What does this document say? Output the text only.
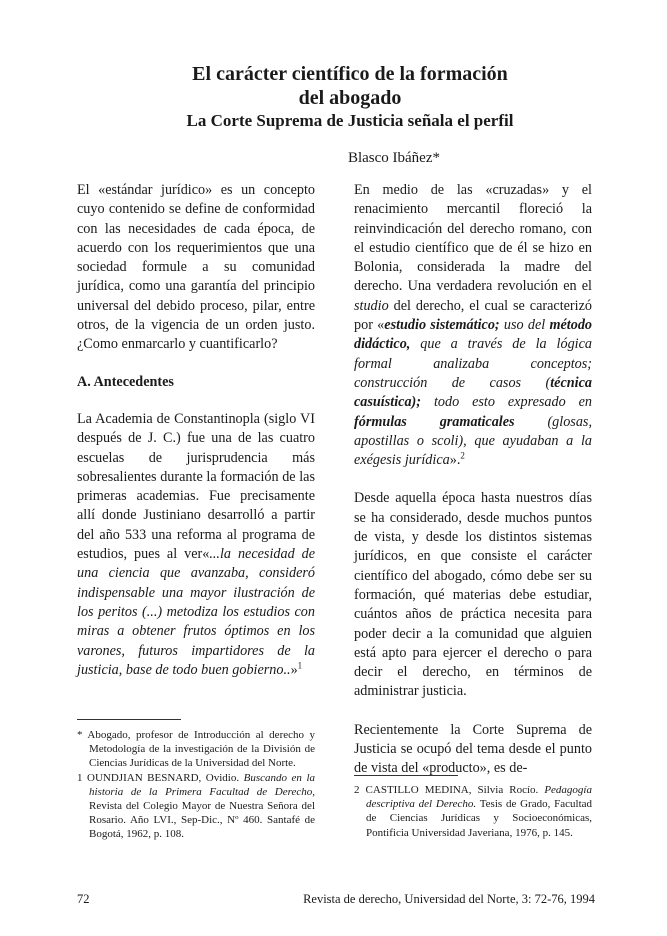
El carácter científico de la formación
del abogado
La Corte Suprema de Justicia señala el perfil
Blasco Ibáñez*

El «estándar jurídico» es un concepto cuyo contenido se define de conformidad con las necesidades de cada época, de acuerdo con los requerimientos que una sociedad formule a su comunidad jurídica, como una garantía del principio universal del debido proceso, pilar, entre otros, de la vigencia de un orden justo. ¿Como enmarcarlo y cuantificarlo?

A. Antecedentes

La Academia de Constantinopla (siglo VI después de J. C.) fue una de las cuatro escuelas de jurisprudencia más sobresalientes durante la formación de las primeras academias. Fue precisamente allí donde Justiniano desarrolló a partir del año 533 una reforma al programa de estudios, pues al ver«...la necesidad de una ciencia que avanzaba, consideró indispensable una mayor ilustración de los peritos (...) metodiza los estudios con miras a obtener frutos óptimos en los varones, futuros impartidores de la justicia, base de todo buen gobierno..»$^1$

En medio de las «cruzadas» y el renacimiento mercantil floreció la reinvindicación del derecho romano, con el estudio científico que de él se hizo en Bolonia, considerada la madre del derecho. Una verdadera revolución en el studio del derecho, el cual se caracterizó por «estudio sistemático; uso del método didáctico, que a través de la lógica formal analizaba conceptos; construcción de casos (técnica casuística); todo esto expresado en fórmulas gramaticales (glosas, apostillas o scoli), que ayudaban a la exégesis jurídica».$^2$

Desde aquella época hasta nuestros días se ha considerado, desde muchos puntos de vista, y desde los distintos sistemas jurídicos, en que consiste el carácter científico del abogado, cómo debe ser su formación, qué materias debe estudiar, cuántos años de práctica necesita para poder decir a la comunidad que alguien está apto para ejercer el derecho o para decir el derecho, en términos de administrar justicia.

Recientemente la Corte Suprema de Justicia se ocupó del tema desde el punto de vista del «producto», es de-

* Abogado, profesor de Introducción al derecho y Metodología de la investigación de la División de Ciencias Jurídicas de la Universidad del Norte.

1 OUNDJIAN BESNARD, Ovidio. Buscando en la historia de la Primera Facultad de Derecho, Revista del Colegio Mayor de Nuestra Señora del Rosario. Año LVI., Sep-Dic., Nº 460. Santafé de Bogotá, 1962, p. 108.

2 CASTILLO MEDINA, Silvia Rocío. Pedagogía descriptiva del Derecho. Tesis de Grado, Facultad de Ciencias Jurídicas y Socioeconómicas, Pontificia Universidad Javeriana, 1976, p. 145.

72	Revista de derecho, Universidad del Norte, 3: 72-76, 1994
